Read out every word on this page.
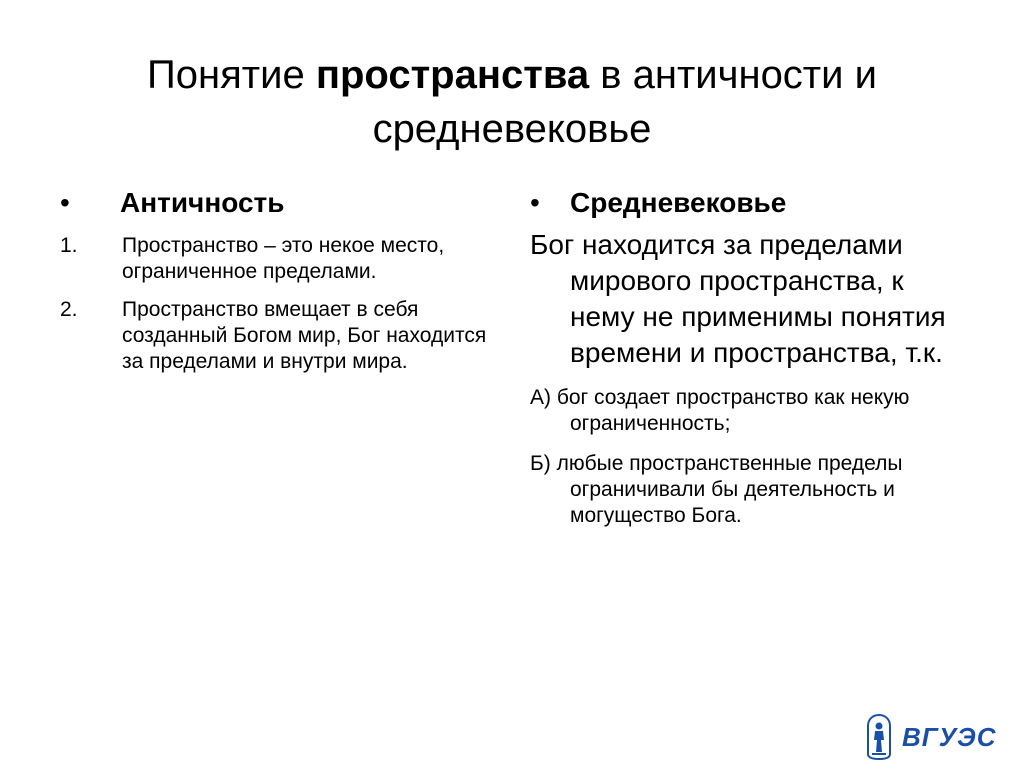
Понятие пространства в античности и средневековье
•	Античность
1.	Пространство – это некое место, ограниченное пределами.
2.	Пространство вмещает в себя созданный Богом мир, Бог находится за пределами и внутри мира.
•	Средневековье
Бог находится за пределами мирового пространства, к нему не применимы понятия времени и пространства, т.к.
А) бог создает пространство как некую ограниченность;
Б) любые пространственные пределы ограничивали бы деятельность и могущество Бога.
ВГУЭС
